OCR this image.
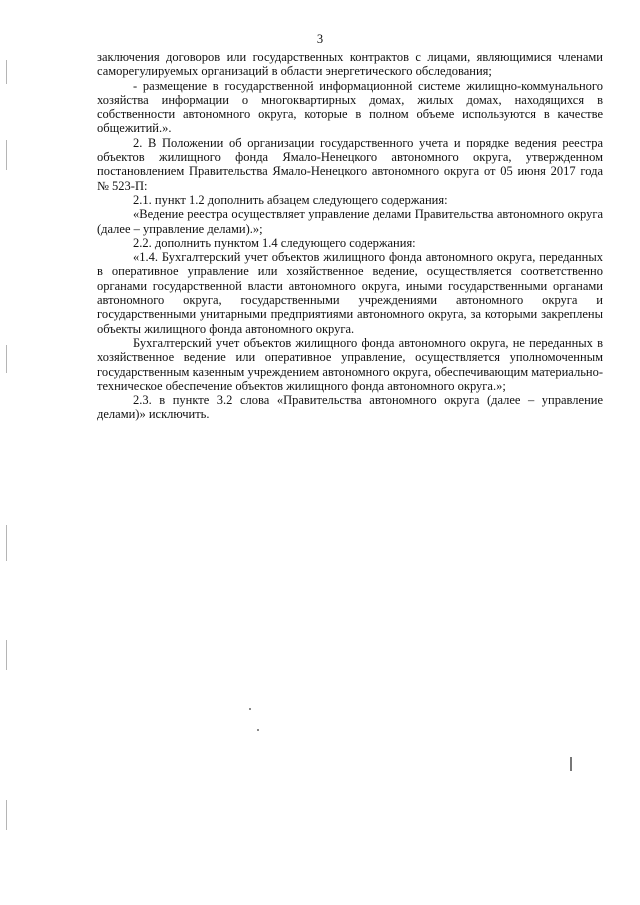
3

заключения договоров или государственных контрактов с лицами, являющимися членами саморегулируемых организаций в области энергетического обследования;

- размещение в государственной информационной системе жилищно-коммунального хозяйства информации о многоквартирных домах, жилых домах, находящихся в собственности автономного округа, которые в полном объеме используются в качестве общежитий.».

2. В Положении об организации государственного учета и порядке ведения реестра объектов жилищного фонда Ямало-Ненецкого автономного округа, утвержденном постановлением Правительства Ямало-Ненецкого автономного округа от 05 июня 2017 года № 523-П:

2.1. пункт 1.2 дополнить абзацем следующего содержания:

«Ведение реестра осуществляет управление делами Правительства автономного округа (далее – управление делами).»;

2.2. дополнить пунктом 1.4 следующего содержания:

«1.4. Бухгалтерский учет объектов жилищного фонда автономного округа, переданных в оперативное управление или хозяйственное ведение, осуществляется соответственно органами государственной власти автономного округа, иными государственными органами автономного округа, государственными учреждениями автономного округа и государственными унитарными предприятиями автономного округа, за которыми закреплены объекты жилищного фонда автономного округа.

Бухгалтерский учет объектов жилищного фонда автономного округа, не переданных в хозяйственное ведение или оперативное управление, осуществляется уполномоченным государственным казенным учреждением автономного округа, обеспечивающим материально-техническое обеспечение объектов жилищного фонда автономного округа.»;

2.3. в пункте 3.2 слова «Правительства автономного округа (далее – управление делами)» исключить.
